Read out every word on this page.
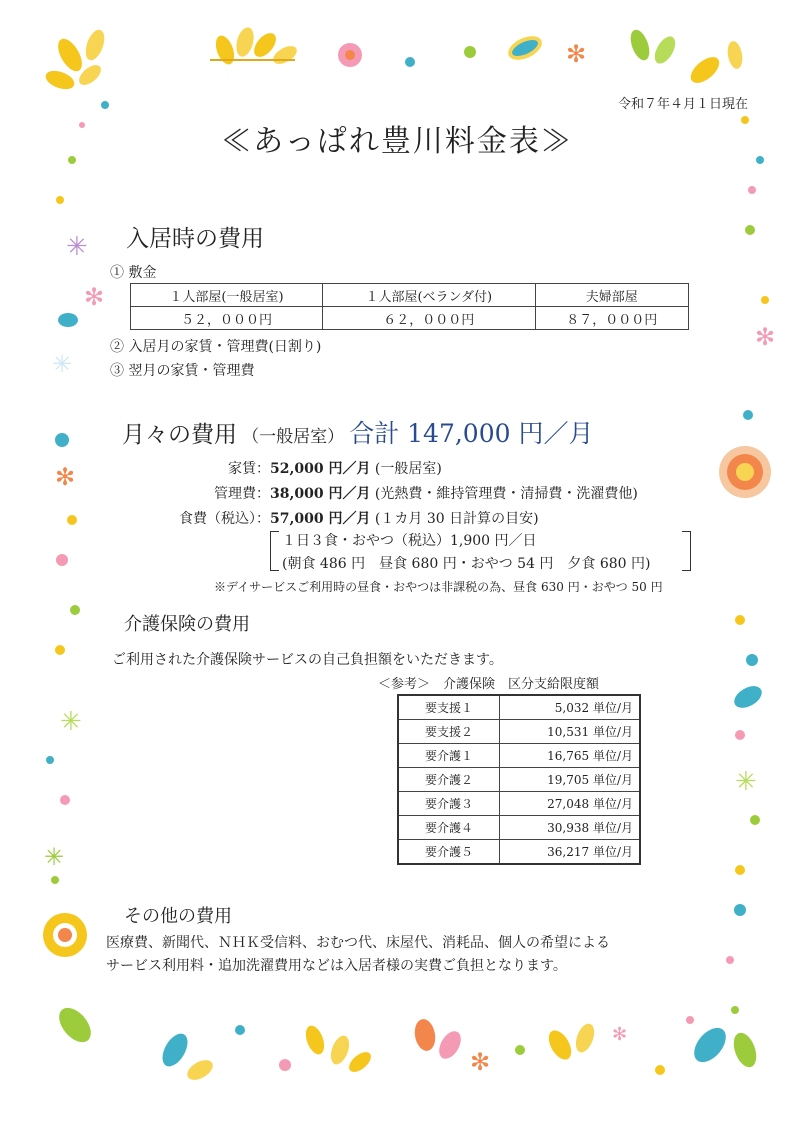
✻
✳
✻
✳
✻
✳
✳
✻
✳
✻
✻
令和７年４月１日現在
≪あっぱれ豊川料金表≫
入居時の費用
① 敷金
１人部屋(一般居室)	１人部屋(ベランダ付)	夫婦部屋
５２，０００円	６２，０００円	８７，０００円
② 入居月の家賃・管理費(日割り)
③ 翌月の家賃・管理費
月々の費用 （一般居室） 合計 147,000 円／月
家賃： 52,000 円／月 (一般居室)
管理費： 38,000 円／月 (光熱費・維持管理費・清掃費・洗濯費他)
食費（税込）： 57,000 円／月 (１カ月 30 日計算の目安)
１日３食・おやつ（税込）1,900 円／日
(朝食 486 円　昼食 680 円・おやつ 54 円　夕食 680 円)
※デイサービスご利用時の昼食・おやつは非課税の為、昼食 630 円・おやつ 50 円
介護保険の費用
ご利用された介護保険サービスの自己負担額をいただきます。
＜参考＞　介護保険　区分支給限度額
要支援１	5,032 単位/月
要支援２	10,531 単位/月
要介護１	16,765 単位/月
要介護２	19,705 単位/月
要介護３	27,048 単位/月
要介護４	30,938 単位/月
要介護５	36,217 単位/月
その他の費用
医療費、新聞代、ＮＨＫ受信料、おむつ代、床屋代、消耗品、個人の希望による
サービス利用料・追加洗濯費用などは入居者様の実費ご負担となります。
